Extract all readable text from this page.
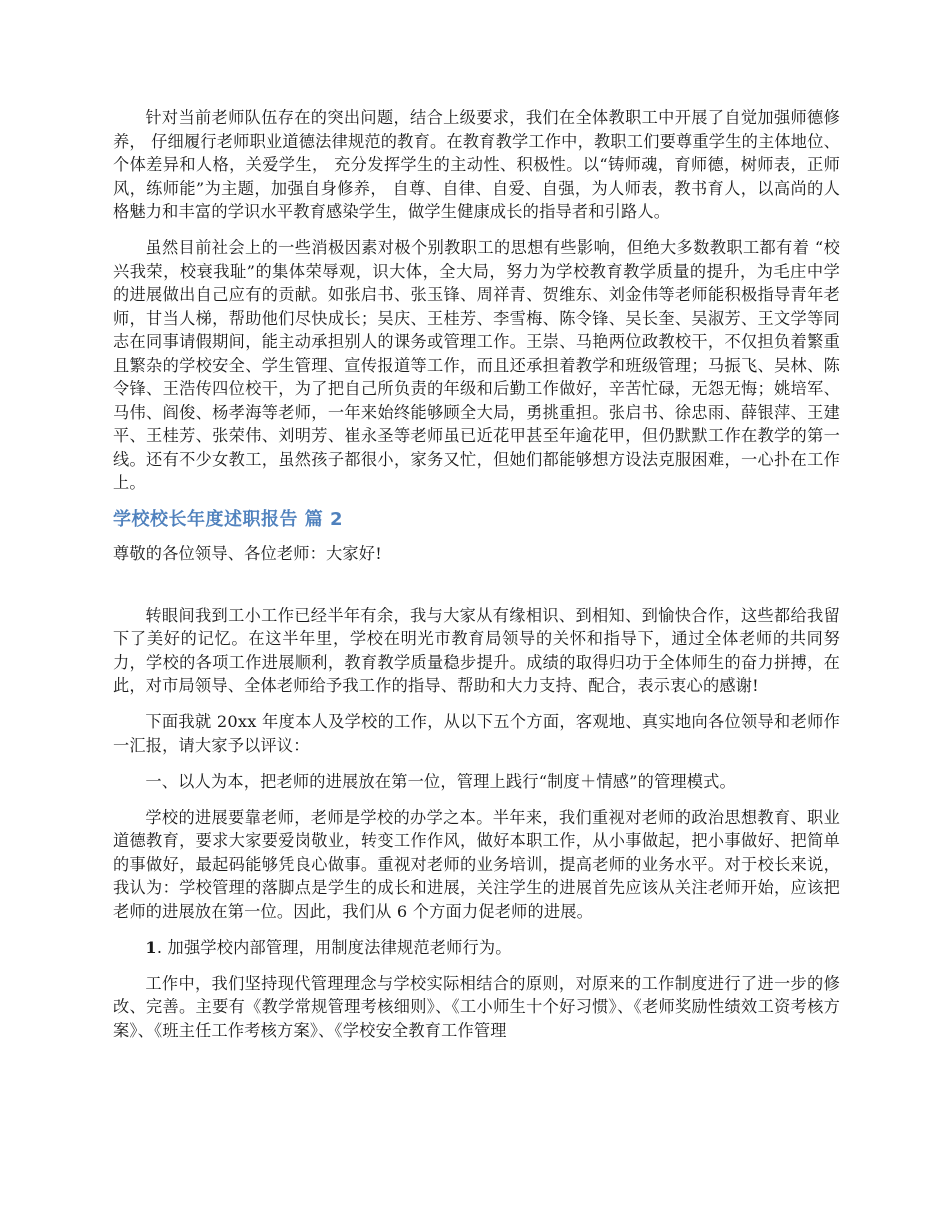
针对当前老师队伍存在的突出问题，结合上级要求，我们在全体教职工中开展了自觉加强师德修养， 仔细履行老师职业道德法律规范的教育。在教育教学工作中，教职工们要尊重学生的主体地位、个体差异和人格，关爱学生， 充分发挥学生的主动性、积极性。以“铸师魂，育师德，树师表，正师风，练师能”为主题，加强自身修养， 自尊、自律、自爱、自强，为人师表，教书育人，以高尚的人格魅力和丰富的学识水平教育感染学生，做学生健康成长的指导者和引路人。

虽然目前社会上的一些消极因素对极个别教职工的思想有些影响，但绝大多数教职工都有着 “校兴我荣，校衰我耻”的集体荣辱观，识大体，全大局，努力为学校教育教学质量的提升，为毛庄中学的进展做出自己应有的贡献。如张启书、张玉锋、周祥青、贺维东、刘金伟等老师能积极指导青年老师，甘当人梯，帮助他们尽快成长；吴庆、王桂芳、李雪梅、陈令锋、吴长奎、吴淑芳、王文学等同志在同事请假期间，能主动承担别人的课务或管理工作。王崇、马艳两位政教校干，不仅担负着繁重且繁杂的学校安全、学生管理、宣传报道等工作，而且还承担着教学和班级管理；马振飞、吴林、陈令锋、王浩传四位校干，为了把自己所负责的年级和后勤工作做好，辛苦忙碌，无怨无悔；姚培军、马伟、阎俊、杨孝海等老师，一年来始终能够顾全大局，勇挑重担。张启书、徐忠雨、薛银萍、王建平、王桂芳、张荣伟、刘明芳、崔永圣等老师虽已近花甲甚至年逾花甲，但仍默默工作在教学的第一线。还有不少女教工，虽然孩子都很小，家务又忙，但她们都能够想方设法克服困难，一心扑在工作上。

学校校长年度述职报告 篇 2

尊敬的各位领导、各位老师：大家好!

转眼间我到工小工作已经半年有余，我与大家从有缘相识、到相知、到愉快合作，这些都给我留下了美好的记忆。在这半年里，学校在明光市教育局领导的关怀和指导下，通过全体老师的共同努力，学校的各项工作进展顺利，教育教学质量稳步提升。成绩的取得归功于全体师生的奋力拼搏，在此，对市局领导、全体老师给予我工作的指导、帮助和大力支持、配合，表示衷心的感谢!

下面我就 20xx 年度本人及学校的工作，从以下五个方面，客观地、真实地向各位领导和老师作一汇报，请大家予以评议：

一、以人为本，把老师的进展放在第一位，管理上践行“制度＋情感”的管理模式。

学校的进展要靠老师，老师是学校的办学之本。半年来，我们重视对老师的政治思想教育、职业道德教育，要求大家要爱岗敬业，转变工作作风，做好本职工作，从小事做起，把小事做好、把简单的事做好，最起码能够凭良心做事。重视对老师的业务培训，提高老师的业务水平。对于校长来说，我认为：学校管理的落脚点是学生的成长和进展，关注学生的进展首先应该从关注老师开始，应该把老师的进展放在第一位。因此，我们从 6 个方面力促老师的进展。

1. 加强学校内部管理，用制度法律规范老师行为。

工作中，我们坚持现代管理理念与学校实际相结合的原则，对原来的工作制度进行了进一步的修改、完善。主要有《教学常规管理考核细则》、《工小师生十个好习惯》、《老师奖励性绩效工资考核方案》、《班主任工作考核方案》、《学校安全教育工作管理
